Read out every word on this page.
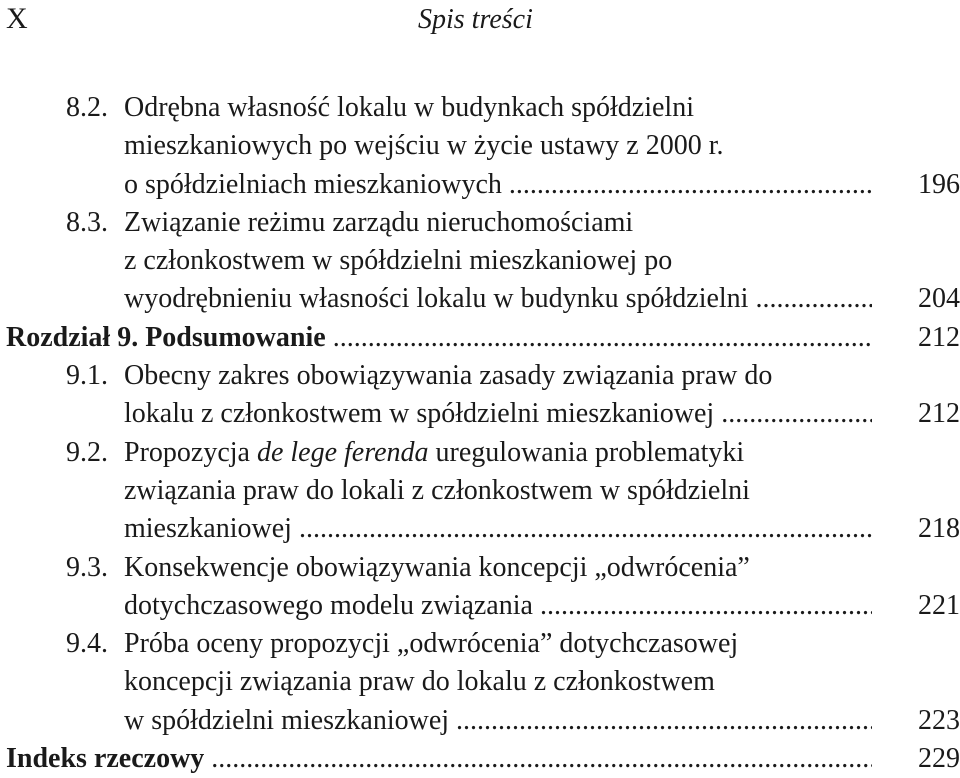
X	Spis treści
8.2. Odrębna własność lokalu w budynkach spółdzielni
mieszkaniowych po wejściu w życie ustawy z 2000 r.
o spółdzielniach mieszkaniowych .....	196
8.3. Związanie reżimu zarządu nieruchomościami
z członkostwem w spółdzielni mieszkaniowej po
wyodrębnieniu własności lokalu w budynku spółdzielni .....	204
Rozdział 9. Podsumowanie .....	212
9.1. Obecny zakres obowiązywania zasady związania praw do
lokalu z członkostwem w spółdzielni mieszkaniowej .....	212
9.2. Propozycja de lege ferenda uregulowania problematyki
związania praw do lokali z członkostwem w spółdzielni
mieszkaniowej .....	218
9.3. Konsekwencje obowiązywania koncepcji „odwrócenia”
dotychczasowego modelu związania .....	221
9.4. Próba oceny propozycji „odwrócenia” dotychczasowej
koncepcji związania praw do lokalu z członkostwem
w spółdzielni mieszkaniowej .....	223
Indeks rzeczowy .....	229
